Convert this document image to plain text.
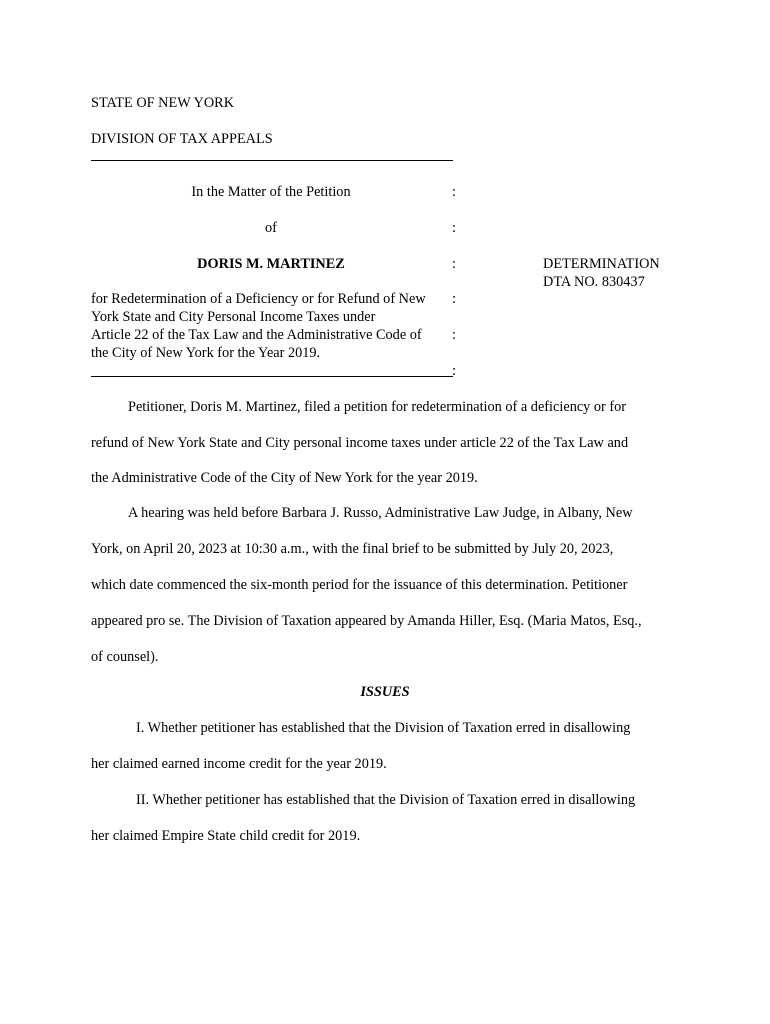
STATE OF NEW YORK
DIVISION OF TAX APPEALS
In the Matter of the Petition	:
of	:
DORIS M. MARTINEZ	:
for Redetermination of a Deficiency or for Refund of New :
York State and City Personal Income Taxes under
Article 22 of the Tax Law and the Administrative Code of :
the City of New York for the Year 2019.
:
DETERMINATION
DTA NO. 830437
Petitioner, Doris M. Martinez, filed a petition for redetermination of a deficiency or for
refund of New York State and City personal income taxes under article 22 of the Tax Law and
the Administrative Code of the City of New York for the year 2019.
A hearing was held before Barbara J. Russo, Administrative Law Judge, in Albany, New
York, on April 20, 2023 at 10:30 a.m., with the final brief to be submitted by July 20, 2023,
which date commenced the six-month period for the issuance of this determination. Petitioner
appeared pro se. The Division of Taxation appeared by Amanda Hiller, Esq. (Maria Matos, Esq.,
of counsel).
ISSUES
I. Whether petitioner has established that the Division of Taxation erred in disallowing
her claimed earned income credit for the year 2019.
II. Whether petitioner has established that the Division of Taxation erred in disallowing
her claimed Empire State child credit for 2019.
